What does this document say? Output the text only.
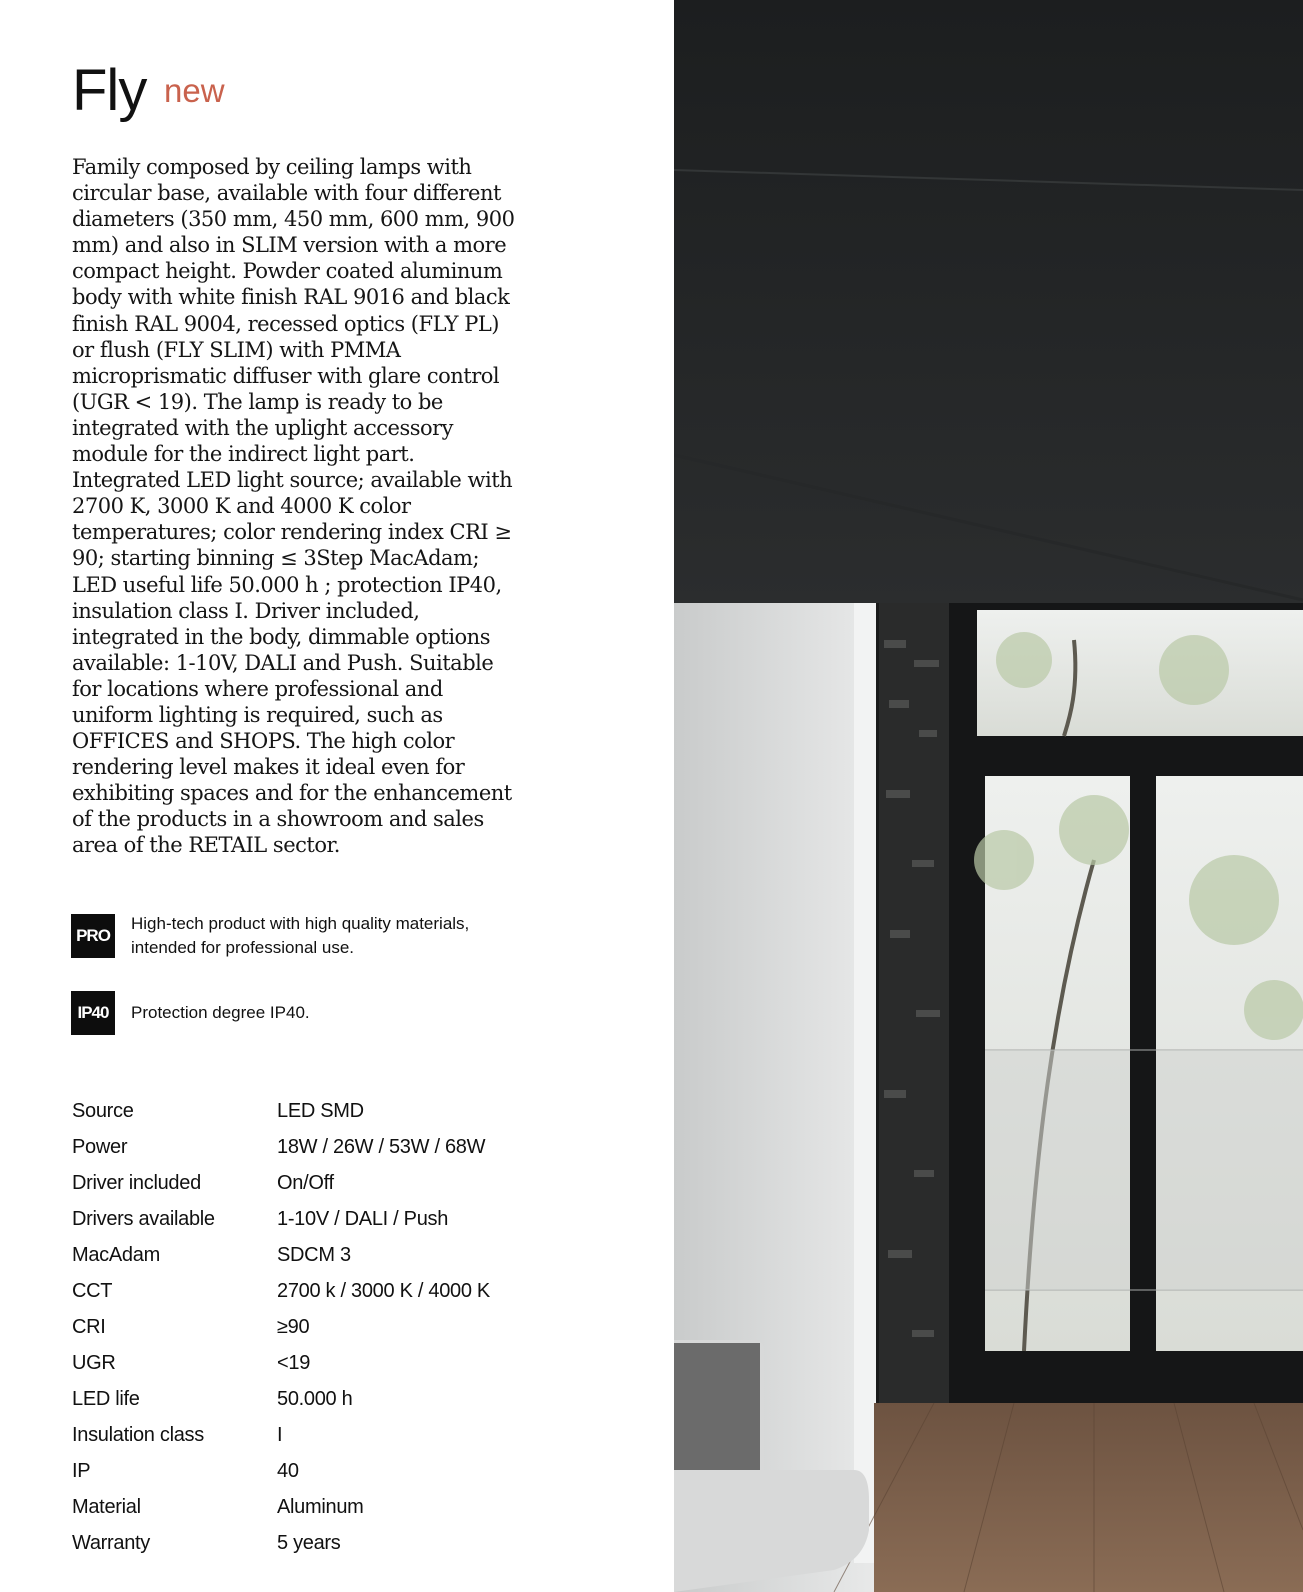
Fly new

Family composed by ceiling lamps with circular base, available with four different diameters (350 mm, 450 mm, 600 mm, 900 mm) and also in SLIM version with a more compact height. Powder coated aluminum body with white finish RAL 9016 and black finish RAL 9004, recessed optics (FLY PL) or flush (FLY SLIM) with PMMA microprismatic diffuser with glare control (UGR < 19). The lamp is ready to be integrated with the uplight accessory module for the indirect light part. Integrated LED light source; available with 2700 K, 3000 K and 4000 K color temperatures; color rendering index CRI ≥ 90; starting binning ≤ 3Step MacAdam; LED useful life 50.000 h ; protection IP40, insulation class I. Driver included, integrated in the body, dimmable options available: 1-10V, DALI and Push. Suitable for locations where professional and uniform lighting is required, such as OFFICES and SHOPS. The high color rendering level makes it ideal even for exhibiting spaces and for the enhancement of the products in a showroom and sales area of the RETAIL sector.

PRO
High-tech product with high quality materials, intended for professional use.
IP40	Protection degree IP40.
Source	LED SMD
Power	18W / 26W / 53W / 68W
Driver included	On/Off
Drivers available	1-10V / DALI / Push
MacAdam	SDCM 3
CCT	2700 k / 3000 K / 4000 K
CRI	≥90
UGR	<19
LED life	50.000 h
Insulation class	I
IP	40
Material	Aluminum
Warranty	5 years
